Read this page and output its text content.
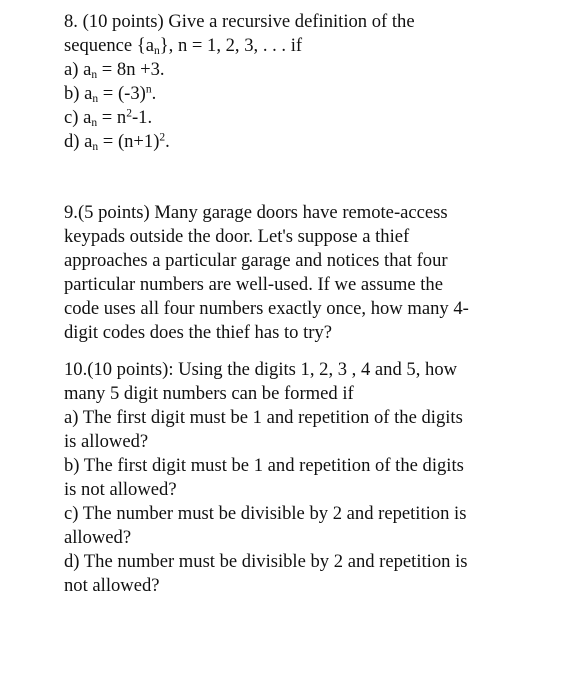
8. (10 points) Give a recursive definition of the
sequence $\{a_n\}$, n = 1, 2, 3, . . . if
a) $a_n = 8n +3$.
b) $a_n = (-3)^n$.
c) $a_n = n^2-1$.
d) $a_n = (n+1)^2$.
9.(5 points) Many garage doors have remote-access
keypads outside the door. Let's suppose a thief
approaches a particular garage and notices that four
particular numbers are well-used. If we assume the
code uses all four numbers exactly once, how many 4-
digit codes does the thief has to try?
10.(10 points): Using the digits 1, 2, 3 , 4 and 5, how
many 5 digit numbers can be formed if
a) The first digit must be 1 and repetition of the digits
is allowed?
b) The first digit must be 1 and repetition of the digits
is not allowed?
c) The number must be divisible by 2 and repetition is
allowed?
d) The number must be divisible by 2 and repetition is
not allowed?
